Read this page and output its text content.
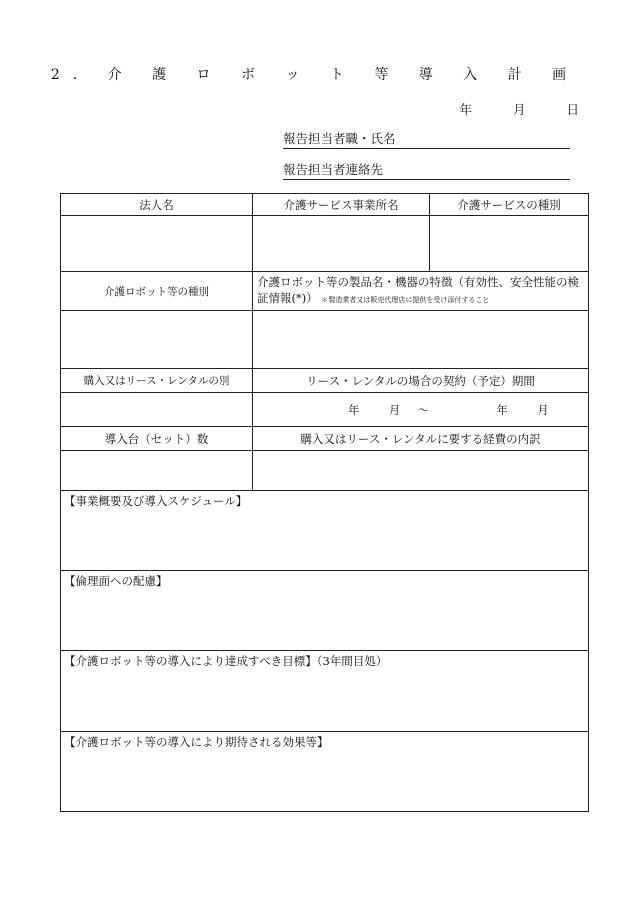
2. 介 護 ロ ボ ッ ト 等 導 入 計 画
年	月	日
報告担当者職・氏名
報告担当者連絡先
法人名	介護サービス事業所名	介護サービスの種別

介護ロボット等の種別	介護ロボット等の製品名・機器の特徴（有効性、安全性能の検証情報(*)） ＊製造業者又は販売代理店に提供を受け添付すること	

購入又はリース・レンタルの別	リース・レンタルの場合の契約（予定）期間	
	年 月 ～ 年 月	
導入台（セット）数	購入又はリース・レンタルに要する経費の内訳	

【事業概要及び導入スケジュール】		
【倫理面への配慮】		
【介護ロボット等の導入により達成すべき目標】（3年間目処）		
【介護ロボット等の導入により期待される効果等】		
